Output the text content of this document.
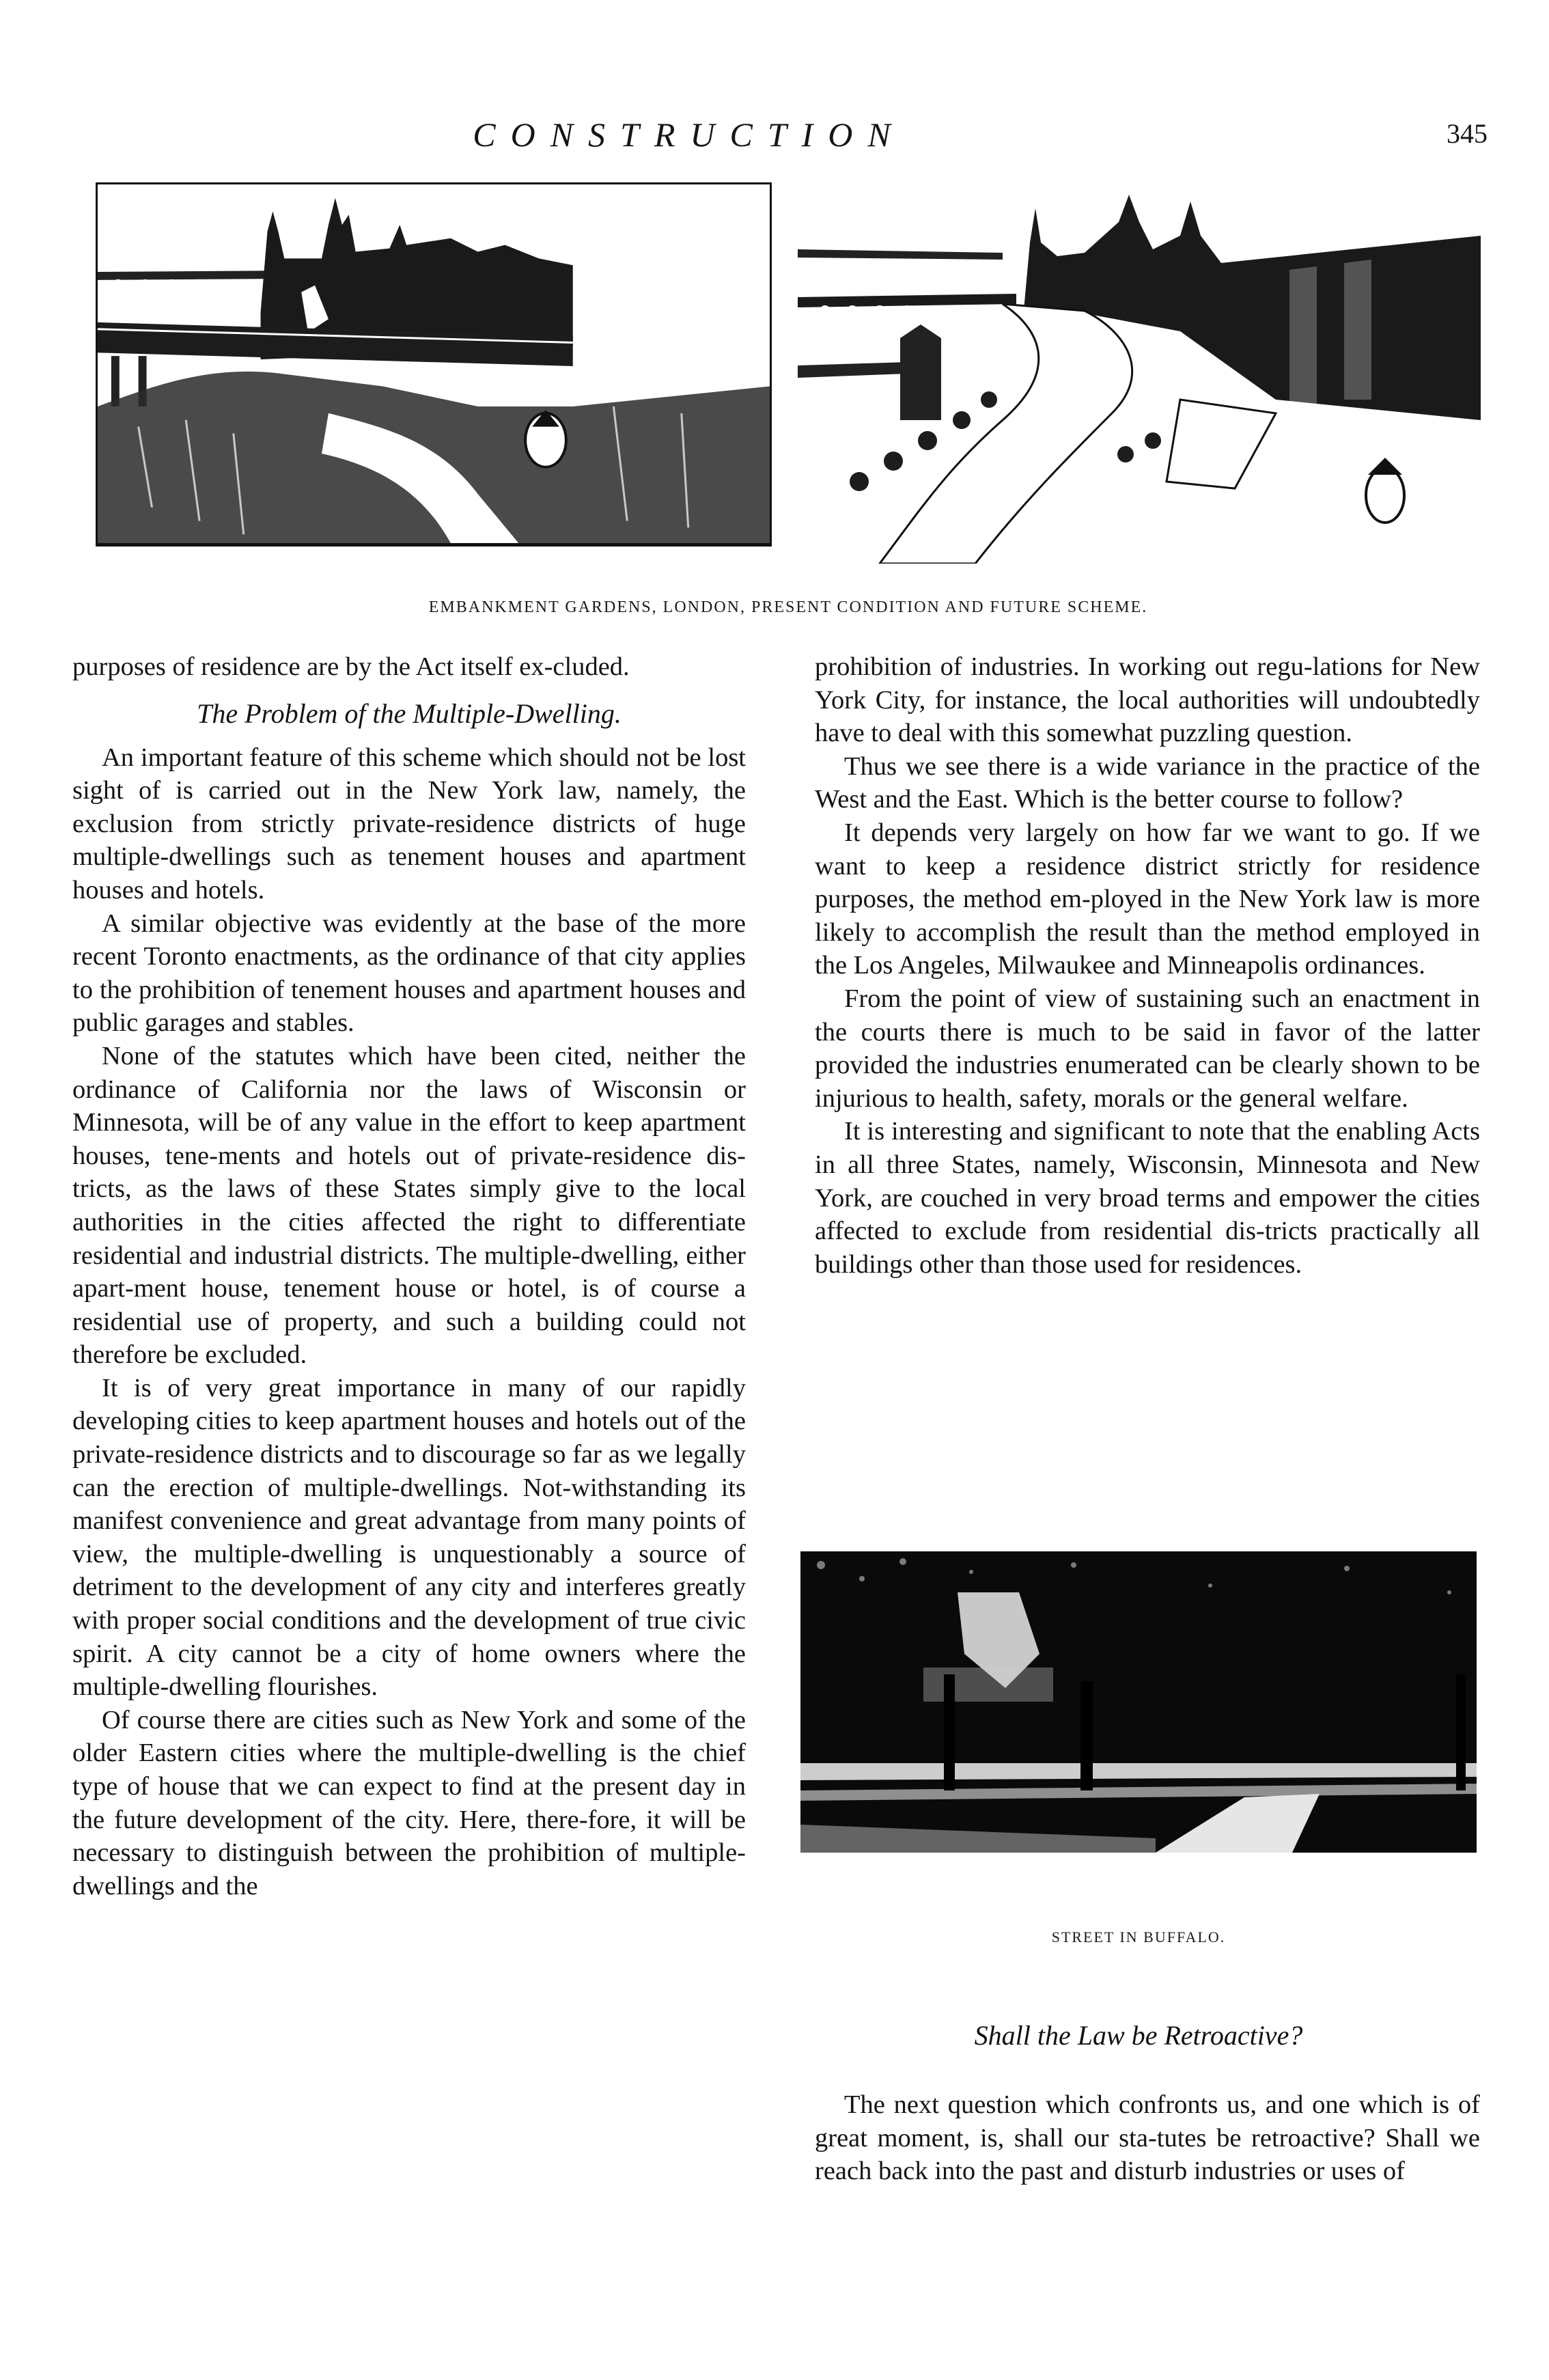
CONSTRUCTION	345
EMBANKMENT GARDENS, LONDON, PRESENT CONDITION AND FUTURE SCHEME.

purposes of residence are by the Act itself ex-cluded.

The Problem of the Multiple-Dwelling.

An important feature of this scheme which should not be lost sight of is carried out in the New York law, namely, the exclusion from strictly private-residence districts of huge multiple-dwellings such as tenement houses and apartment houses and hotels.

A similar objective was evidently at the base of the more recent Toronto enactments, as the ordinance of that city applies to the prohibition of tenement houses and apartment houses and public garages and stables.

None of the statutes which have been cited, neither the ordinance of California nor the laws of Wisconsin or Minnesota, will be of any value in the effort to keep apartment houses, tene-ments and hotels out of private-residence dis-tricts, as the laws of these States simply give to the local authorities in the cities affected the right to differentiate residential and industrial districts. The multiple-dwelling, either apart-ment house, tenement house or hotel, is of course a residential use of property, and such a building could not therefore be excluded.

It is of very great importance in many of our rapidly developing cities to keep apartment houses and hotels out of the private-residence districts and to discourage so far as we legally can the erection of multiple-dwellings. Not-withstanding its manifest convenience and great advantage from many points of view, the multiple-dwelling is unquestionably a source of detriment to the development of any city and interferes greatly with proper social conditions and the development of true civic spirit. A city cannot be a city of home owners where the multiple-dwelling flourishes.

Of course there are cities such as New York and some of the older Eastern cities where the multiple-dwelling is the chief type of house that we can expect to find at the present day in the future development of the city. Here, there-fore, it will be necessary to distinguish between the prohibition of multiple-dwellings and the

prohibition of industries. In working out regu-lations for New York City, for instance, the local authorities will undoubtedly have to deal with this somewhat puzzling question.

Thus we see there is a wide variance in the practice of the West and the East. Which is the better course to follow?

It depends very largely on how far we want to go. If we want to keep a residence district strictly for residence purposes, the method em-ployed in the New York law is more likely to accomplish the result than the method employed in the Los Angeles, Milwaukee and Minneapolis ordinances.

From the point of view of sustaining such an enactment in the courts there is much to be said in favor of the latter provided the industries enumerated can be clearly shown to be injurious to health, safety, morals or the general welfare.

It is interesting and significant to note that the enabling Acts in all three States, namely, Wisconsin, Minnesota and New York, are couched in very broad terms and empower the cities affected to exclude from residential dis-tricts practically all buildings other than those used for residences.

STREET IN BUFFALO.
Shall the Law be Retroactive?

The next question which confronts us, and one which is of great moment, is, shall our sta-tutes be retroactive? Shall we reach back into the past and disturb industries or uses of
